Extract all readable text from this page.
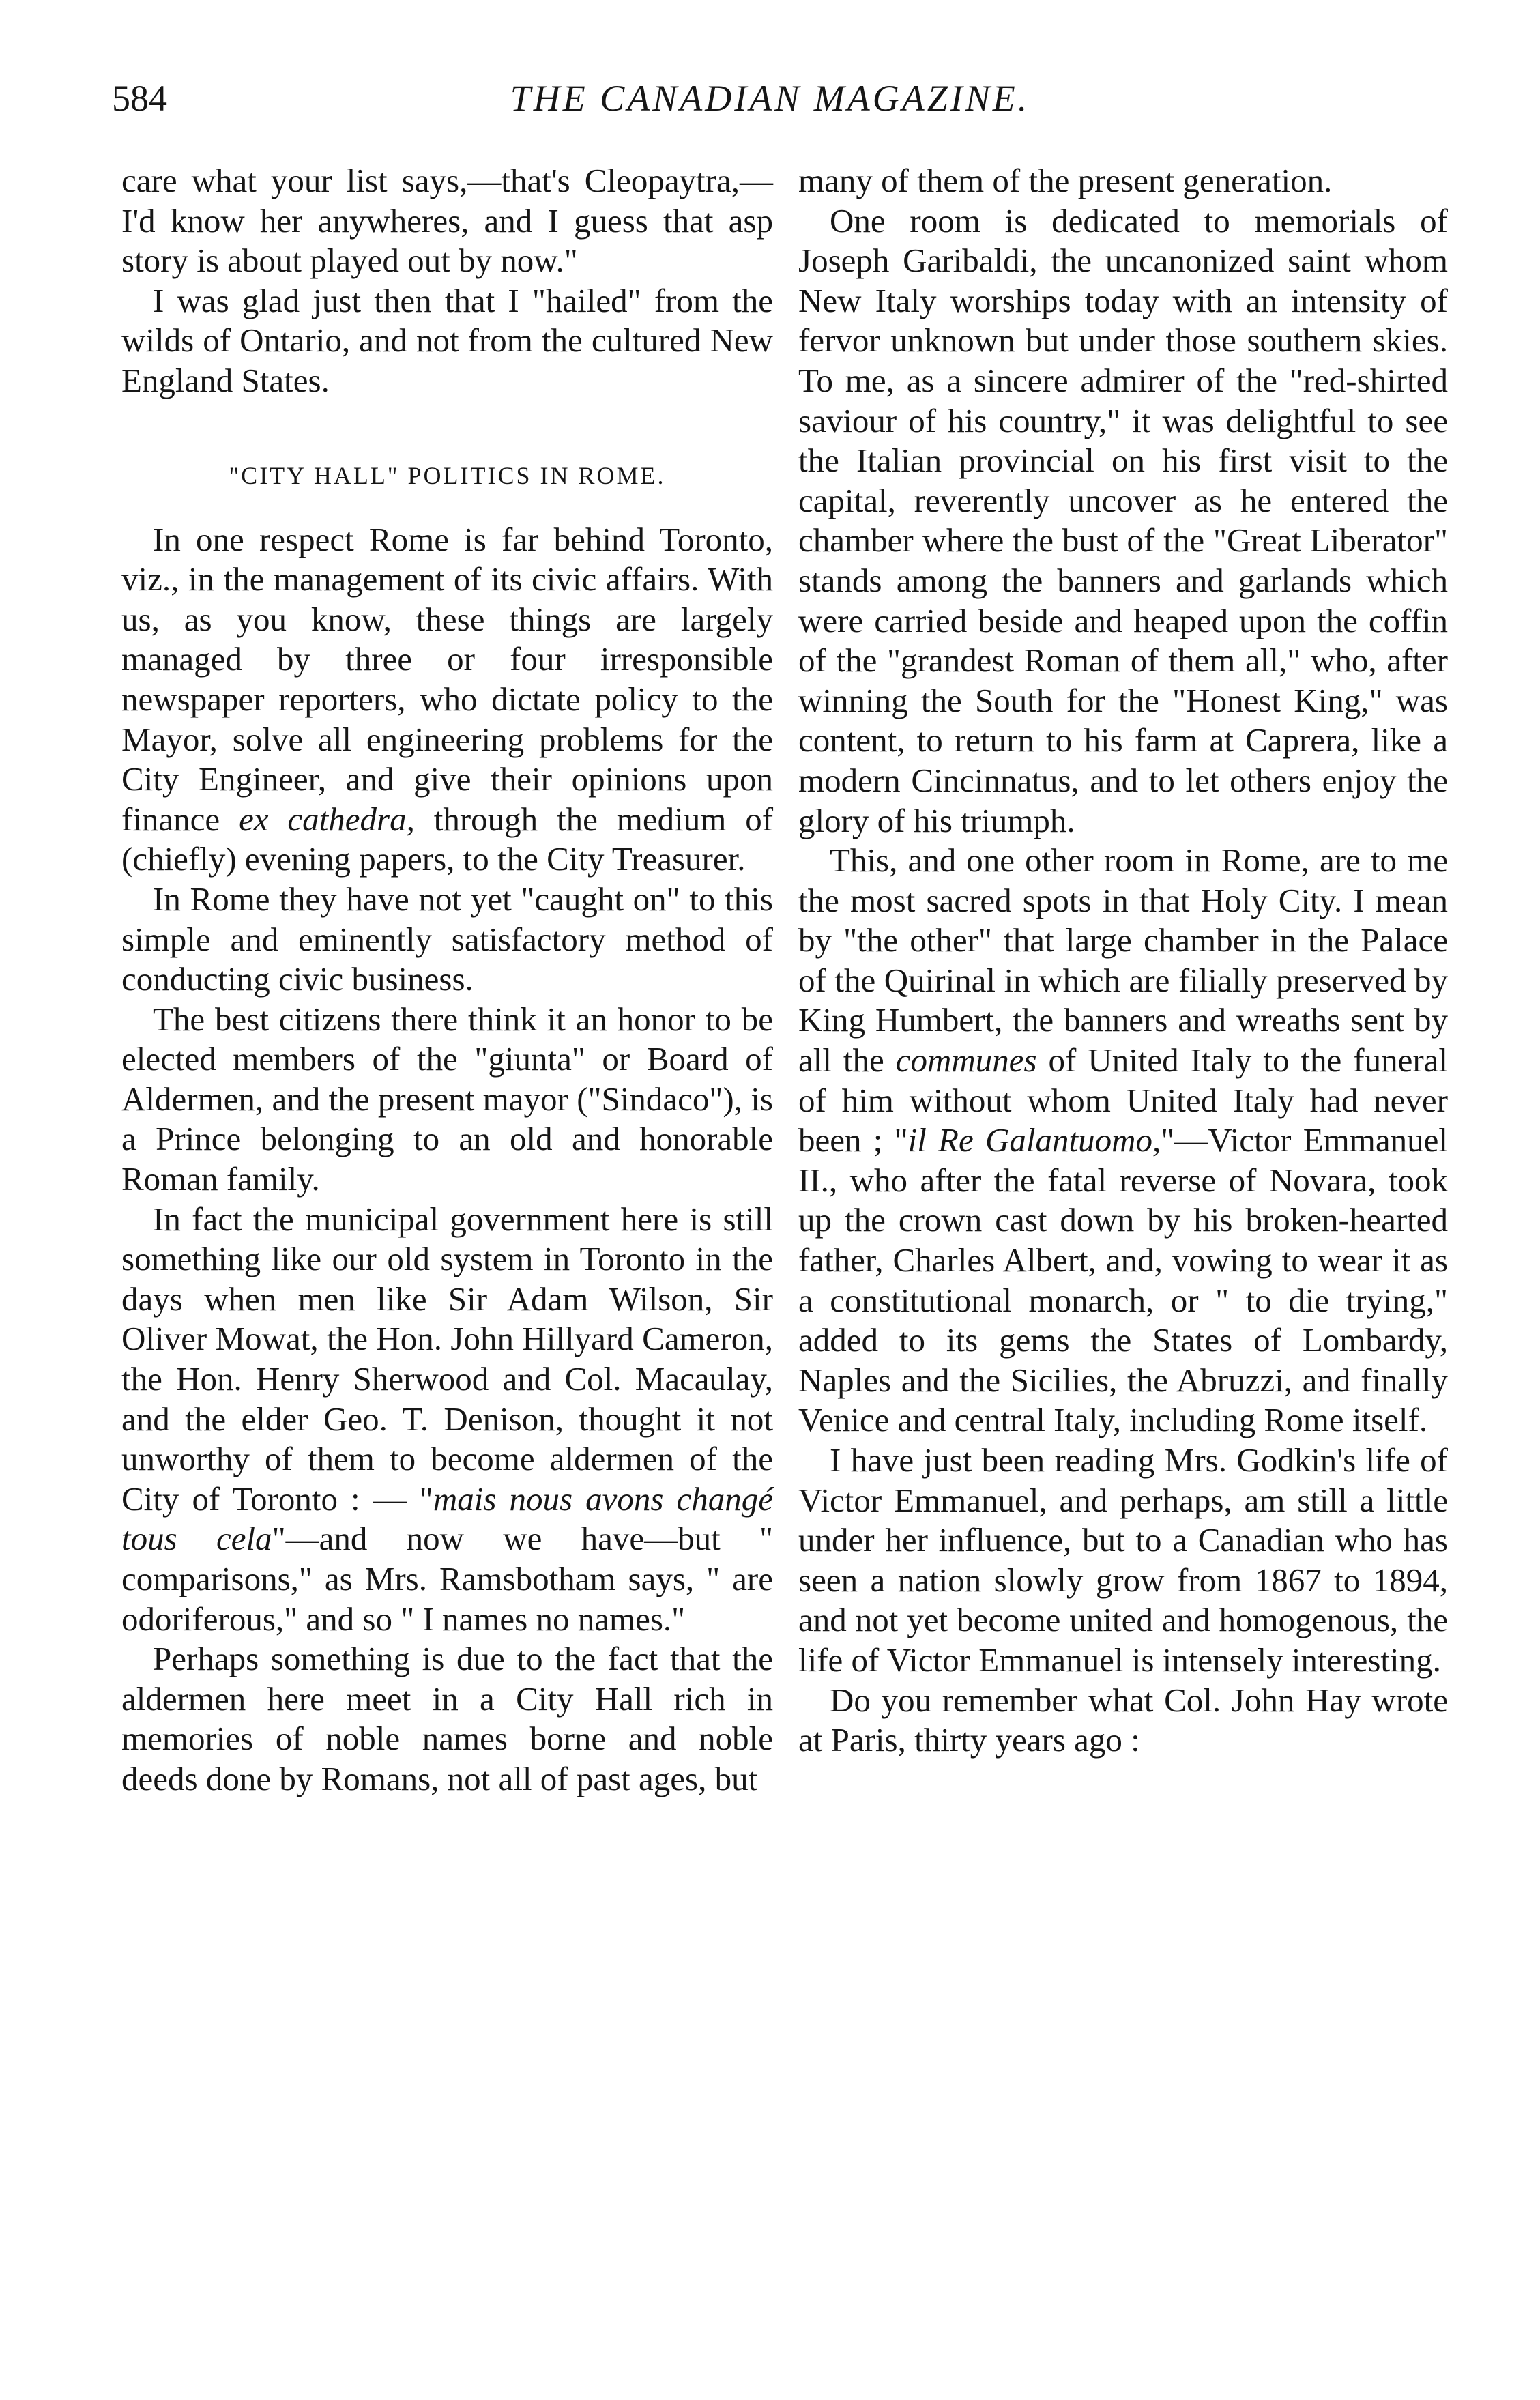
584	THE CANADIAN MAGAZINE.

care what your list says,—that's Cleopaytra,—I'd know her anywheres, and I guess that asp story is about played out by now."

I was glad just then that I "hailed" from the wilds of Ontario, and not from the cultured New England States.

"CITY HALL" POLITICS IN ROME.

In one respect Rome is far behind Toronto, viz., in the management of its civic affairs. With us, as you know, these things are largely managed by three or four irresponsible newspaper reporters, who dictate policy to the Mayor, solve all engineering problems for the City Engineer, and give their opinions upon finance ex cathedra, through the medium of (chiefly) evening papers, to the City Treasurer.

In Rome they have not yet "caught on" to this simple and eminently satisfactory method of conducting civic business.

The best citizens there think it an honor to be elected members of the "giunta" or Board of Aldermen, and the present mayor ("Sindaco"), is a Prince belonging to an old and honorable Roman family.

In fact the municipal government here is still something like our old system in Toronto in the days when men like Sir Adam Wilson, Sir Oliver Mowat, the Hon. John Hillyard Cameron, the Hon. Henry Sherwood and Col. Macaulay, and the elder Geo. T. Denison, thought it not unworthy of them to become aldermen of the City of Toronto : — "mais nous avons changé tous cela"—and now we have—but " comparisons," as Mrs. Ramsbotham says, " are odoriferous," and so " I names no names."

Perhaps something is due to the fact that the aldermen here meet in a City Hall rich in memories of noble names borne and noble deeds done by Romans, not all of past ages, but

many of them of the present generation.

One room is dedicated to memorials of Joseph Garibaldi, the uncanonized saint whom New Italy worships today with an intensity of fervor unknown but under those southern skies. To me, as a sincere admirer of the "red-shirted saviour of his country," it was delightful to see the Italian provincial on his first visit to the capital, reverently uncover as he entered the chamber where the bust of the "Great Liberator" stands among the banners and garlands which were carried beside and heaped upon the coffin of the "grandest Roman of them all," who, after winning the South for the "Honest King," was content, to return to his farm at Caprera, like a modern Cincinnatus, and to let others enjoy the glory of his triumph.

This, and one other room in Rome, are to me the most sacred spots in that Holy City. I mean by "the other" that large chamber in the Palace of the Quirinal in which are filially preserved by King Humbert, the banners and wreaths sent by all the communes of United Italy to the funeral of him without whom United Italy had never been ; "il Re Galantuomo,"—Victor Emmanuel II., who after the fatal reverse of Novara, took up the crown cast down by his broken-hearted father, Charles Albert, and, vowing to wear it as a constitutional monarch, or " to die trying," added to its gems the States of Lombardy, Naples and the Sicilies, the Abruzzi, and finally Venice and central Italy, including Rome itself.

I have just been reading Mrs. Godkin's life of Victor Emmanuel, and perhaps, am still a little under her influence, but to a Canadian who has seen a nation slowly grow from 1867 to 1894, and not yet become united and homogenous, the life of Victor Emmanuel is intensely interesting.

Do you remember what Col. John Hay wrote at Paris, thirty years ago :
